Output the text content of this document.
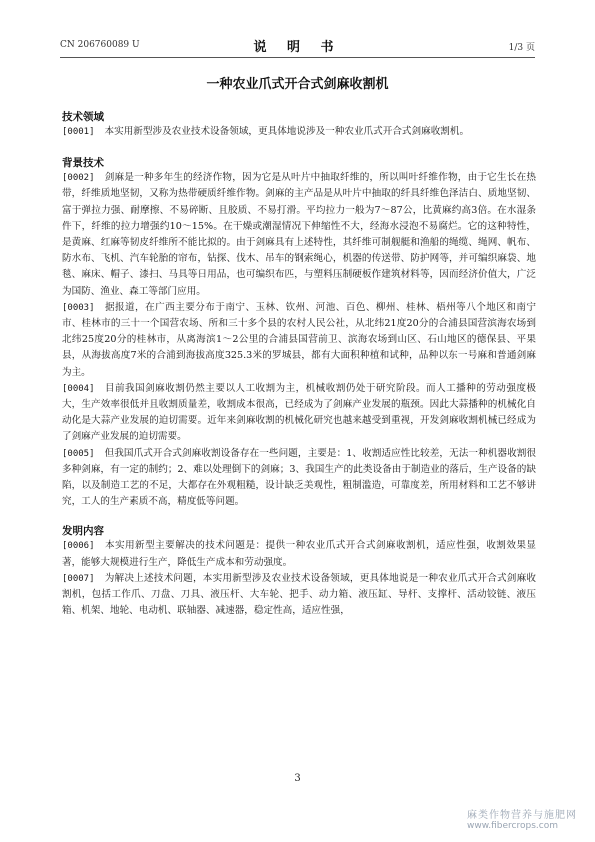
CN 206760089 U	说 明 书	1/3 页
一种农业爪式开合式剑麻收割机

技术领域

[0001] 本实用新型涉及农业技术设备领域，更具体地说涉及一种农业爪式开合式剑麻收割机。

背景技术

[0002] 剑麻是一种多年生的经济作物，因为它是从叶片中抽取纤维的，所以叫叶纤维作物，由于它生长在热带，纤维质地坚韧，又称为热带硬质纤维作物。剑麻的主产品是从叶片中抽取的纤具纤维色泽洁白、质地坚韧、富于弹拉力强、耐摩擦、不易碎断、且胶质、不易打滑。平均拉力一般为7～87公，比黄麻约高3倍。在水湿条件下，纤维的拉力增强约10～15%。在干燥或潮湿情况下伸缩性不大，经海水浸泡不易腐烂。它的这种特性，是黄麻、红麻等韧皮纤维所不能比拟的。由于剑麻具有上述特性，其纤维可制舰艇和渔船的绳缆、绳网、帆布、防水布、飞机、汽车轮胎的帘布，钻探、伐木、吊车的钢索绳心，机器的传送带、防护网等，并可编织麻袋、地毯、麻床、帽子、漆扫、马具等日用品，也可编织布匹，与塑料压制硬板作建筑材料等，因而经济价值大，广泛为国防、渔业、森工等部门应用。

[0003] 据报道，在广西主要分布于南宁、玉林、钦州、河池、百色、柳州、桂林、梧州等八个地区和南宁市、桂林市的三十一个国营农场、所和三十多个县的农村人民公社，从北纬21度20分的合浦县国营滨海农场到北纬25度20分的桂林市，从离海滨1～2公里的合浦县国营前卫、滨海农场到山区、石山地区的德保县、平果县，从海拔高度7米的合浦到海拔高度325.3米的罗城县，都有大面积种植和试种，品种以东一号麻和普通剑麻为主。

[0004] 目前我国剑麻收割仍然主要以人工收割为主，机械收割仍处于研究阶段。而人工播种的劳动强度极大，生产效率很低并且收割质量差，收割成本很高，已经成为了剑麻产业发展的瓶颈。因此大蒜播种的机械化自动化是大蒜产业发展的迫切需要。近年来剑麻收割的机械化研究也越来越受到重视，开发剑麻收割机械已经成为了剑麻产业发展的迫切需要。

[0005] 但我国爪式开合式剑麻收割设备存在一些问题，主要是：1、收割适应性比较差，无法一种机器收割很多种剑麻，有一定的制约；2、难以处理倒下的剑麻；3、我国生产的此类设备由于制造业的落后，生产设备的缺陷，以及制造工艺的不足，大都存在外观粗糙，设计缺乏美观性，粗制滥造，可靠度差，所用材料和工艺不够讲究，工人的生产素质不高，精度低等问题。

发明内容

[0006] 本实用新型主要解决的技术问题是：提供一种农业爪式开合式剑麻收割机，适应性强，收割效果显著，能够大规模进行生产，降低生产成本和劳动强度。

[0007] 为解决上述技术问题，本实用新型涉及农业技术设备领域，更具体地说是一种农业爪式开合式剑麻收割机，包括工作爪、刀盘、刀具、液压杆、大车轮、把手、动力箱、液压缸、导杆、支撑杆、活动铰链、液压箱、机架、地轮、电动机、联轴器、减速器，稳定性高，适应性强，

3
麻类作物营养与施肥网
www.fibercrops.com
